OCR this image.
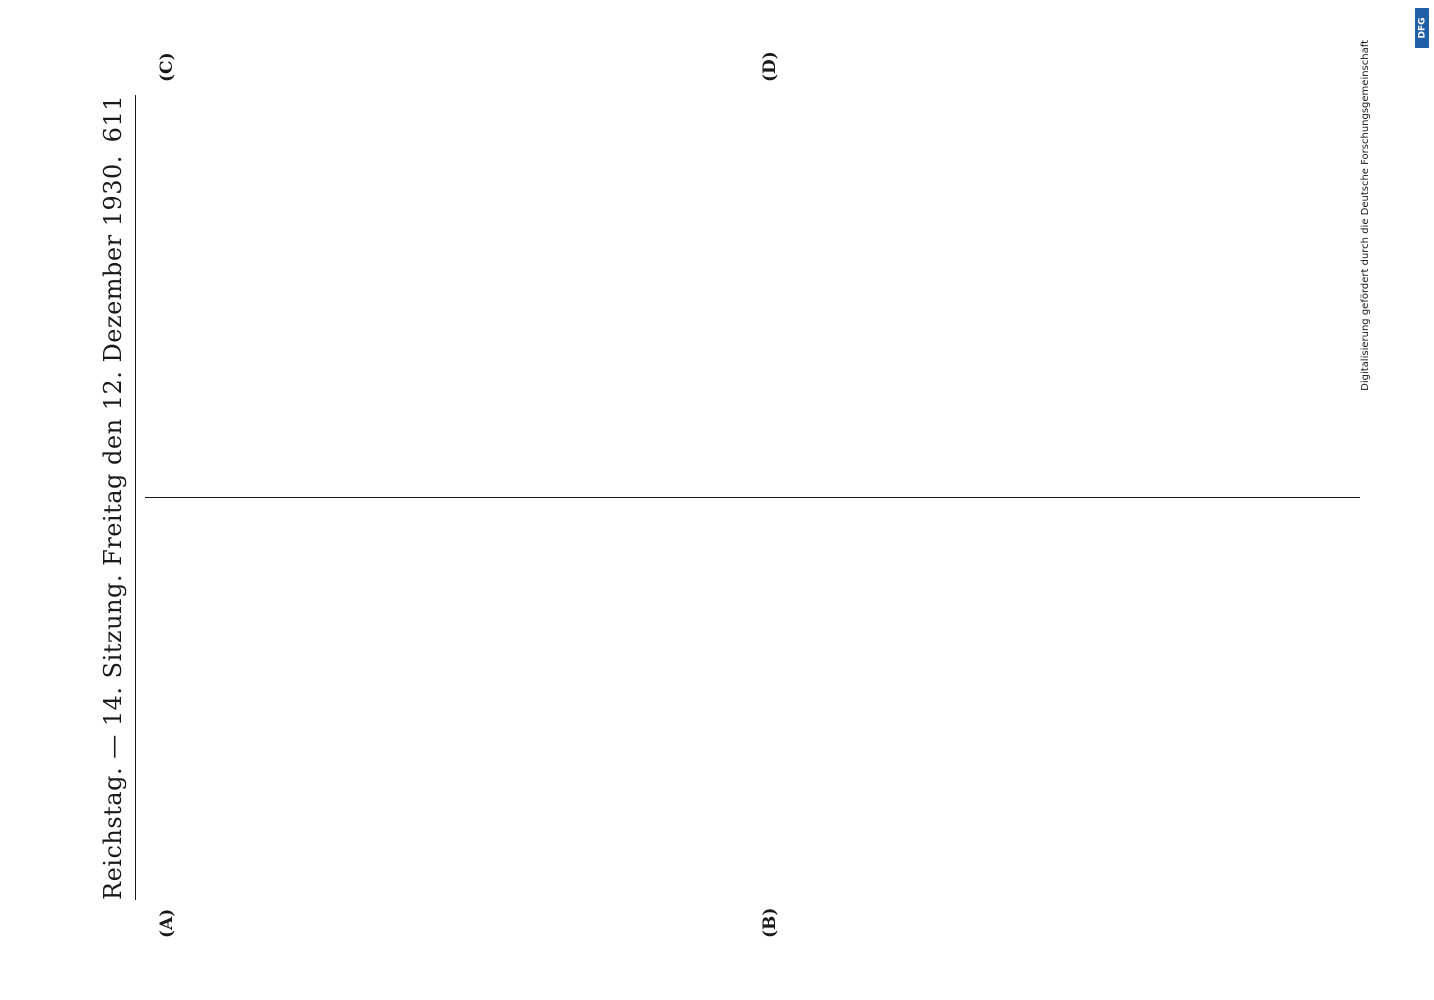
Reichstag. — 14. Sitzung. Freitag den 12. Dezember 1930.
611
(A)	(B)
(C)	(D)	Digitalisierung gefördert durch die Deutsche Forschungsgemeinschaft
DFG
